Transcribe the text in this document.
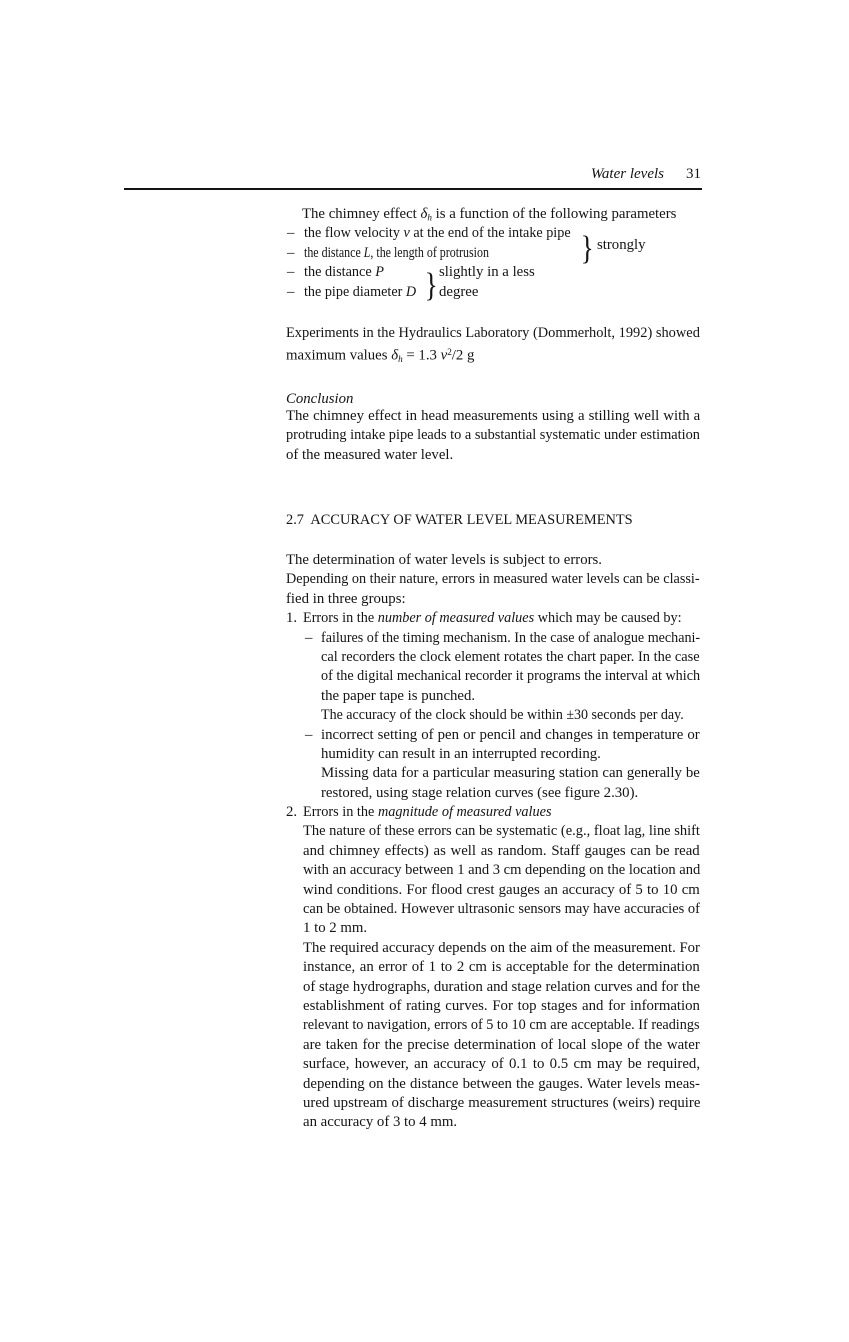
Water levels 31
The chimney effect $\delta_h$ is a function of the following parameters
– the flow velocity v at the end of the intake pipe
– the distance L, the length of protrusion
– the distance P
– the pipe diameter D
Experiments in the Hydraulics Laboratory (Dommerholt, 1992) showed
maximum values $\delta_h = 1.3$ $v^2/2$ g
Conclusion
The chimney effect in head measurements using a stilling well with a
protruding intake pipe leads to a substantial systematic under estimation
of the measured water level.
2.7  ACCURACY OF WATER LEVEL MEASUREMENTS
The determination of water levels is subject to errors.
Depending on their nature, errors in measured water levels can be classi-
fied in three groups:
1. Errors in the number of measured values which may be caused by:
– failures of the timing mechanism. In the case of analogue mechani-
cal recorders the clock element rotates the chart paper. In the case
of the digital mechanical recorder it programs the interval at which
the paper tape is punched.
The accuracy of the clock should be within ±30 seconds per day.
– incorrect setting of pen or pencil and changes in temperature or
humidity can result in an interrupted recording.
Missing data for a particular measuring station can generally be
restored, using stage relation curves (see figure 2.30).
2. Errors in the magnitude of measured values
The nature of these errors can be systematic (e.g., float lag, line shift
and chimney effects) as well as random. Staff gauges can be read
with an accuracy between 1 and 3 cm depending on the location and
wind conditions. For flood crest gauges an accuracy of 5 to 10 cm
can be obtained. However ultrasonic sensors may have accuracies of
1 to 2 mm.
The required accuracy depends on the aim of the measurement. For
instance, an error of 1 to 2 cm is acceptable for the determination
of stage hydrographs, duration and stage relation curves and for the
establishment of rating curves. For top stages and for information
relevant to navigation, errors of 5 to 10 cm are acceptable. If readings
are taken for the precise determination of local slope of the water
surface, however, an accuracy of 0.1 to 0.5 cm may be required,
depending on the distance between the gauges. Water levels meas-
ured upstream of discharge measurement structures (weirs) require
an accuracy of 3 to 4 mm.
} strongly
} slightly in a less
degree
